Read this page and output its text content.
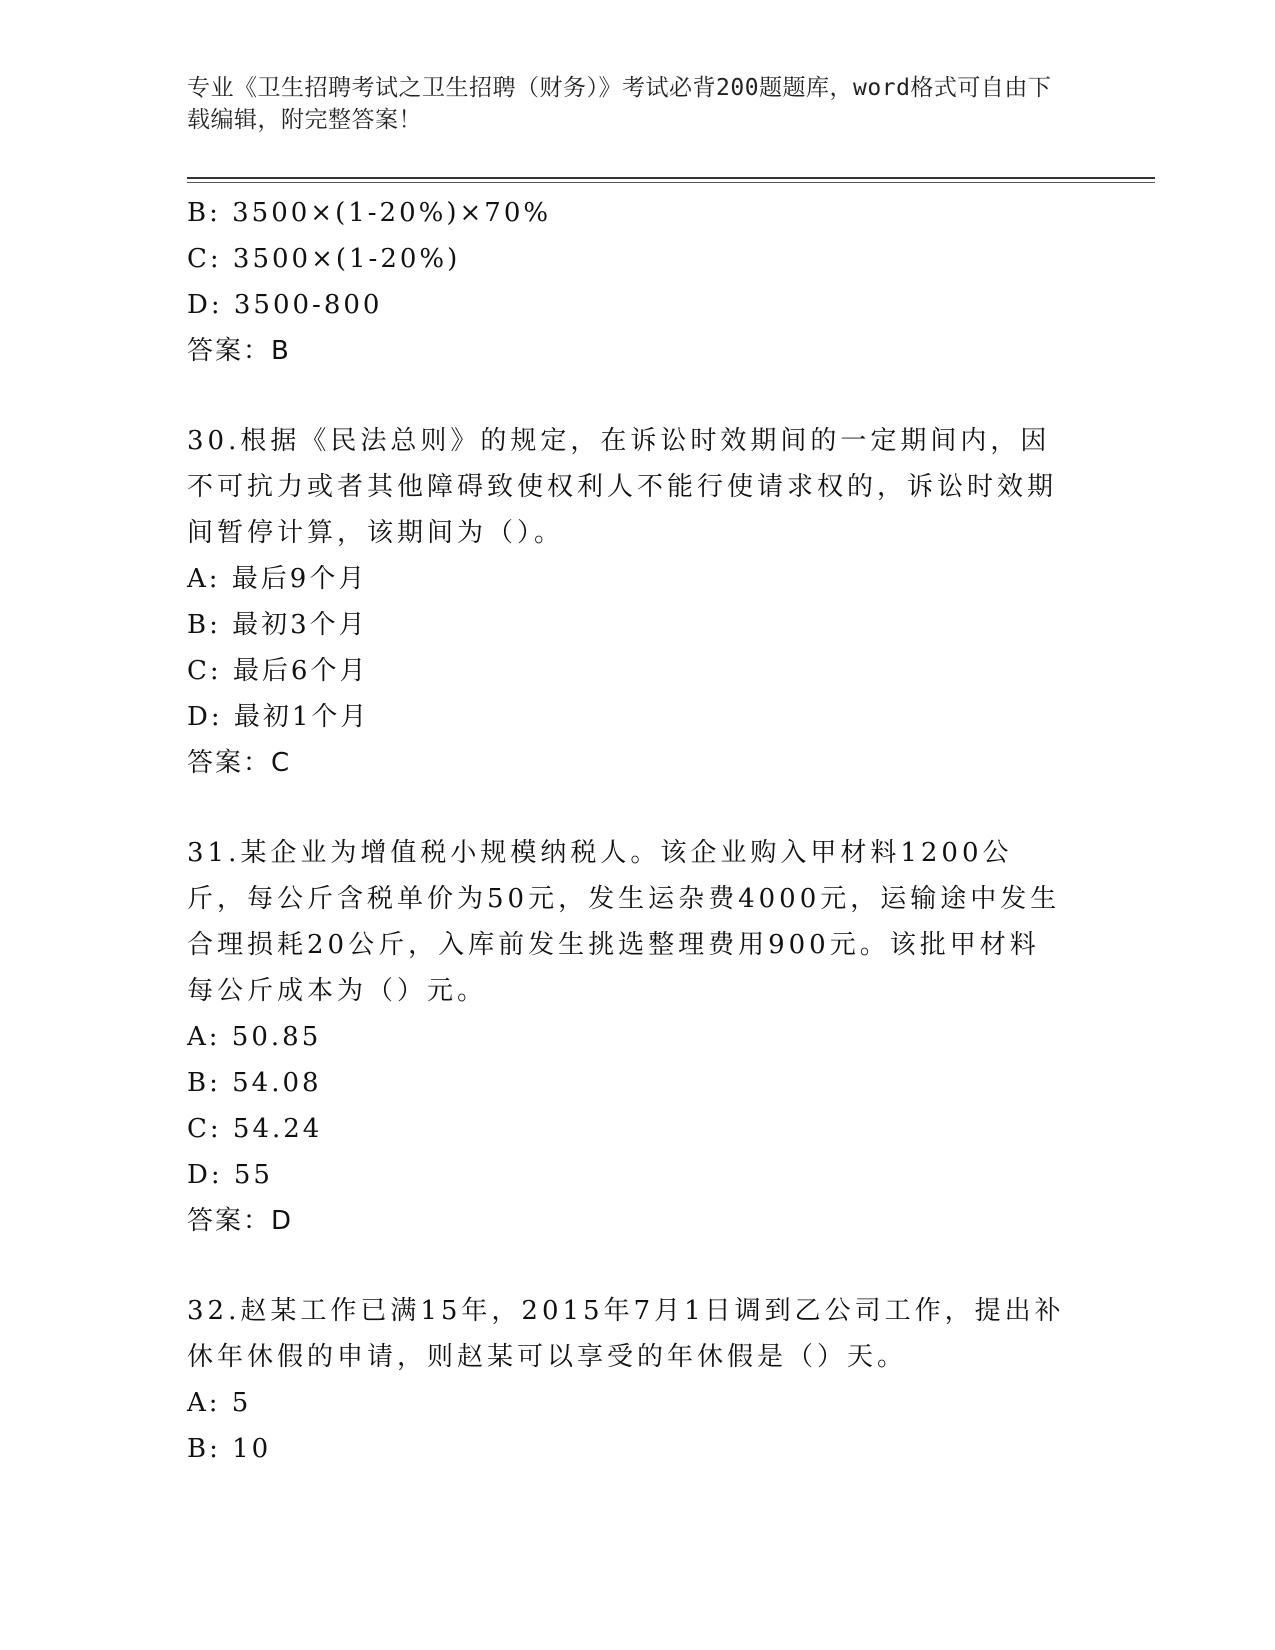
专业《卫生招聘考试之卫生招聘（财务）》考试必背200题题库，word格式可自由下载编辑，附完整答案！
B: 3500×(1-20%)×70%
C: 3500×(1-20%)
D: 3500-800
答案：B
30.根据《民法总则》的规定，在诉讼时效期间的一定期间内，因不可抗力或者其他障碍致使权利人不能行使请求权的，诉讼时效期间暂停计算，该期间为（）。
A: 最后9个月
B: 最初3个月
C: 最后6个月
D: 最初1个月
答案：C
31.某企业为增值税小规模纳税人。该企业购入甲材料1200公斤，每公斤含税单价为50元，发生运杂费4000元，运输途中发生合理损耗20公斤，入库前发生挑选整理费用900元。该批甲材料每公斤成本为（）元。
A: 50.85
B: 54.08
C: 54.24
D: 55
答案：D
32.赵某工作已满15年，2015年7月1日调到乙公司工作，提出补休年休假的申请，则赵某可以享受的年休假是（）天。
A: 5
B: 10
